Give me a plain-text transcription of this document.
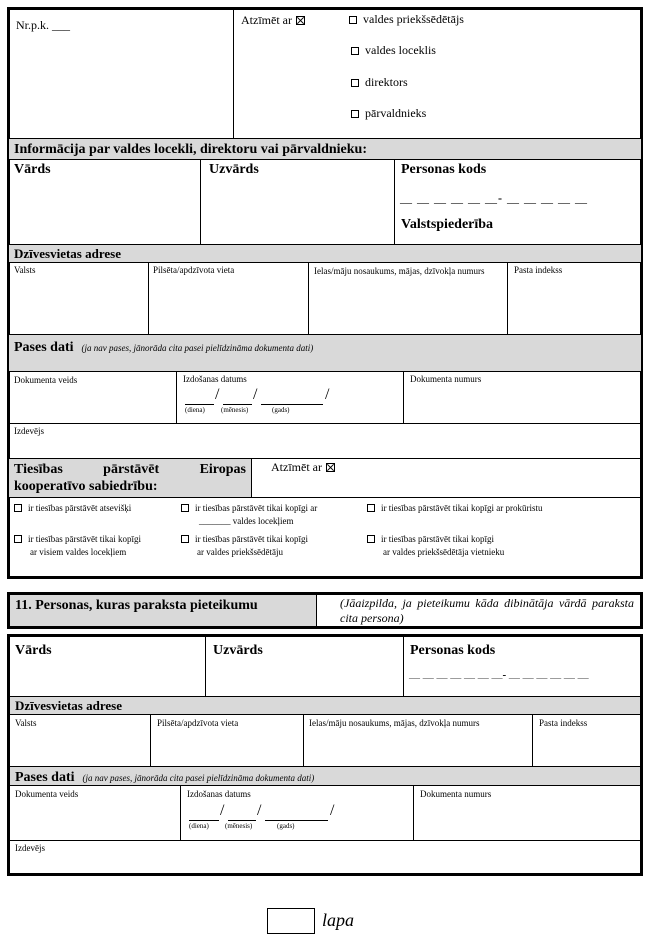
Nr.p.k. ___	Atzīmēt ar	valdes priekšsēdētājs
valdes loceklis
direktors
pārvaldnieks
Informācija par valdes locekli, direktoru vai pārvaldnieku:
Vārds	Uzvārds	Personas kods
— — — — — —- — — — — —
Valstspiederība
Dzīvesvietas adrese
Valsts	Pilsēta/apdzīvota vieta	Ielas/māju nosaukums, mājas, dzīvokļa numurs	Pasta indekss
Pases dati (ja nav pases, jānorāda cita pasei pielīdzināma dokumenta dati)
Dokumenta veids	Izdošanas datums	Dokumenta numurs
/ /	/
(diena) (mēnesis)	(gads)
Izdevējs
Tiesības pārstāvēt Eiropas
kooperatīvo sabiedrību:
Atzīmēt ar
ir tiesības pārstāvēt atsevišķi	ir tiesības pārstāvēt tikai kopīgi ar
_______ valdes locekļiem
ir tiesības pārstāvēt tikai kopīgi ar prokūristu
ir tiesības pārstāvēt tikai kopīgi
ar visiem valdes locekļiem
ir tiesības pārstāvēt tikai kopīgi
ar valdes priekšsēdētāju
ir tiesības pārstāvēt tikai kopīgi
ar valdes priekšsēdētāja vietnieku
11. Personas, kuras paraksta pieteikumu	(Jāaizpilda, ja pieteikumu kāda dibinātāja vārdā paraksta cita persona)
Vārds	Uzvārds	Personas kods
— — — — — — —- — — — — — —
Dzīvesvietas adrese
Valsts	Pilsēta/apdzīvota vieta	Ielas/māju nosaukums, mājas, dzīvokļa numurs	Pasta indekss
Pases dati (ja nav pases, jānorāda cita pasei pielīdzināma dokumenta dati)
Dokumenta veids	Izdošanas datums	Dokumenta numurs
/ /	/
(diena) (mēnesis)	(gads)
Izdevējs
lapa
